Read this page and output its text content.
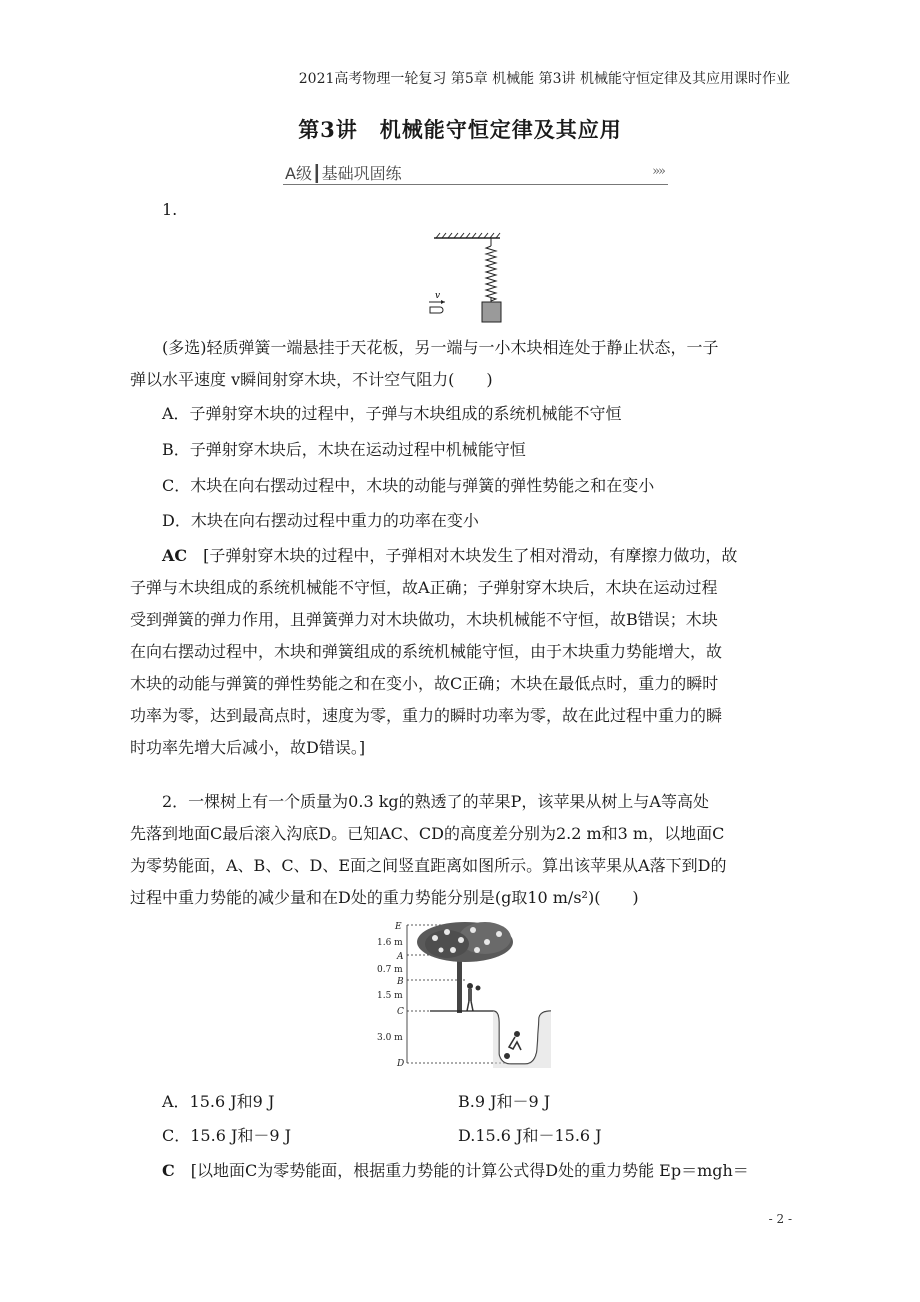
2021高考物理一轮复习 第5章 机械能 第3讲 机械能守恒定律及其应用课时作业
第3讲　机械能守恒定律及其应用
A级┃基础巩固练	»»
1.
v

(多选)轻质弹簧一端悬挂于天花板，另一端与一小木块相连处于静止状态，一子

弹以水平速度 v瞬间射穿木块，不计空气阻力(　　)

A．子弹射穿木块的过程中，子弹与木块组成的系统机械能不守恒
B．子弹射穿木块后，木块在运动过程中机械能守恒
C．木块在向右摆动过程中，木块的动能与弹簧的弹性势能之和在变小
D．木块在向右摆动过程中重力的功率在变小

AC　 [子弹射穿木块的过程中，子弹相对木块发生了相对滑动，有摩擦力做功，故

子弹与木块组成的系统机械能不守恒，故A正确；子弹射穿木块后，木块在运动过程

受到弹簧的弹力作用，且弹簧弹力对木块做功，木块机械能不守恒，故B错误；木块

在向右摆动过程中，木块和弹簧组成的系统机械能守恒，由于木块重力势能增大，故

木块的动能与弹簧的弹性势能之和在变小，故C正确；木块在最低点时，重力的瞬时

功率为零，达到最高点时，速度为零，重力的瞬时功率为零，故在此过程中重力的瞬

时功率先增大后减小，故D错误。]

2．一棵树上有一个质量为0.3 kg的熟透了的苹果P，该苹果从树上与A等高处

先落到地面C最后滚入沟底D。已知AC、CD的高度差分别为2.2 m和3 m，以地面C

为零势能面，A、B、C、D、E面之间竖直距离如图所示。算出该苹果从A落下到D的

过程中重力势能的减少量和在D处的重力势能分别是(g取10 m/s²)(　　)

E
1.6 m
A
0.7 m
B
1.5 m
C
3.0 m
D
A．15.6 J和9 J	B.9 J和－9 J
C．15.6 J和－9 J	D.15.6 J和－15.6 J

C　 [以地面C为零势能面，根据重力势能的计算公式得D处的重力势能 Ep＝mgh＝

- 2 -
